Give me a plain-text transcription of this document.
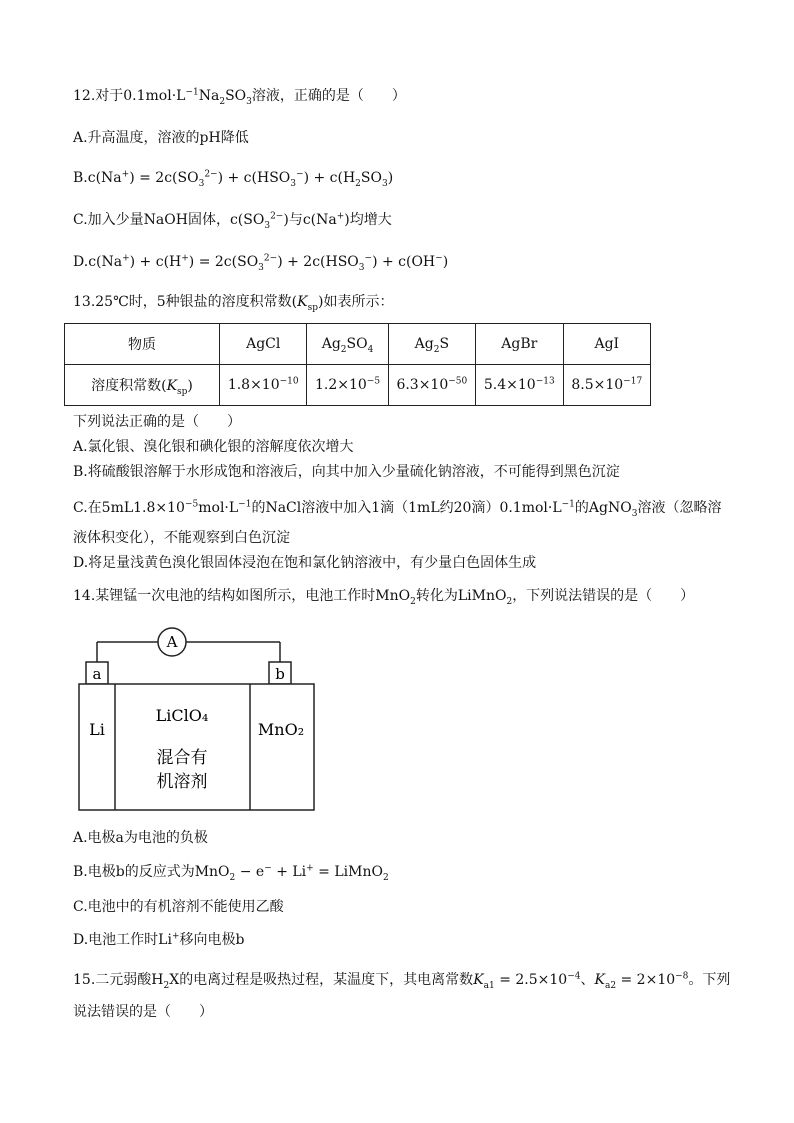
12.对于$0.1mol\cdot L^{-1}Na_2SO_3$溶液，正确的是（　　）
A.升高温度，溶液的pH降低
$B.c(Na^+) = 2c(SO_3^{2-}) + c(HSO_3^-) + c(H_2SO_3)$
C.加入少量NaOH固体，$c(SO_3^{2-})$与c(Na+)均增大
$D.c(Na^+) + c(H^+) = 2c(SO_3^{2-}) + 2c(HSO_3^-) + c(OH^-)$
13.25℃时，5种银盐的溶度积常数$(K_{sp})$如表所示：
物质	AgCl	$Ag_2SO_4$	$Ag_2S$	AgBr	AgI
溶度积常数$(K_{sp})$	$1.8\times 10^{-10}$	$1.2\times 10^{-5}$	$6.3\times 10^{-50}$	$5.4\times 10^{-13}$	$8.5\times 10^{-17}$
下列说法正确的是（　　）
A.氯化银、溴化银和碘化银的溶解度依次增大
B.将硫酸银溶解于水形成饱和溶液后，向其中加入少量硫化钠溶液，不可能得到黑色沉淀
C.在$5mL1.8\times 10^{-5}mol\cdot L^{-1}$的NaCl溶液中加入1滴（1mL约20滴）$0.1mol\cdot L^{-1}$的AgNO$_3$溶液（忽略溶
液体积变化），不能观察到白色沉淀
D.将足量浅黄色溴化银固体浸泡在饱和氯化钠溶液中，有少量白色固体生成
14.某锂锰一次电池的结构如图所示，电池工作时MnO$_2$转化为LiMnO$_2$，下列说法错误的是（　　）
A
a	b
Li
LiClO₄
混合有
机溶剂
MnO₂
A.电极a为电池的负极
B.电极b的反应式为MnO$_2$ − e− + Li+ = LiMnO$_2$
C.电池中的有机溶剂不能使用乙酸
D.电池工作时Li+移向电极b
15.二元弱酸$H_2X$的电离过程是吸热过程，某温度下，其电离常数$K_{a1} = 2.5\times 10^{-4}$、$K_{a2} = 2\times 10^{-8}$。下列
说法错误的是（　　）
